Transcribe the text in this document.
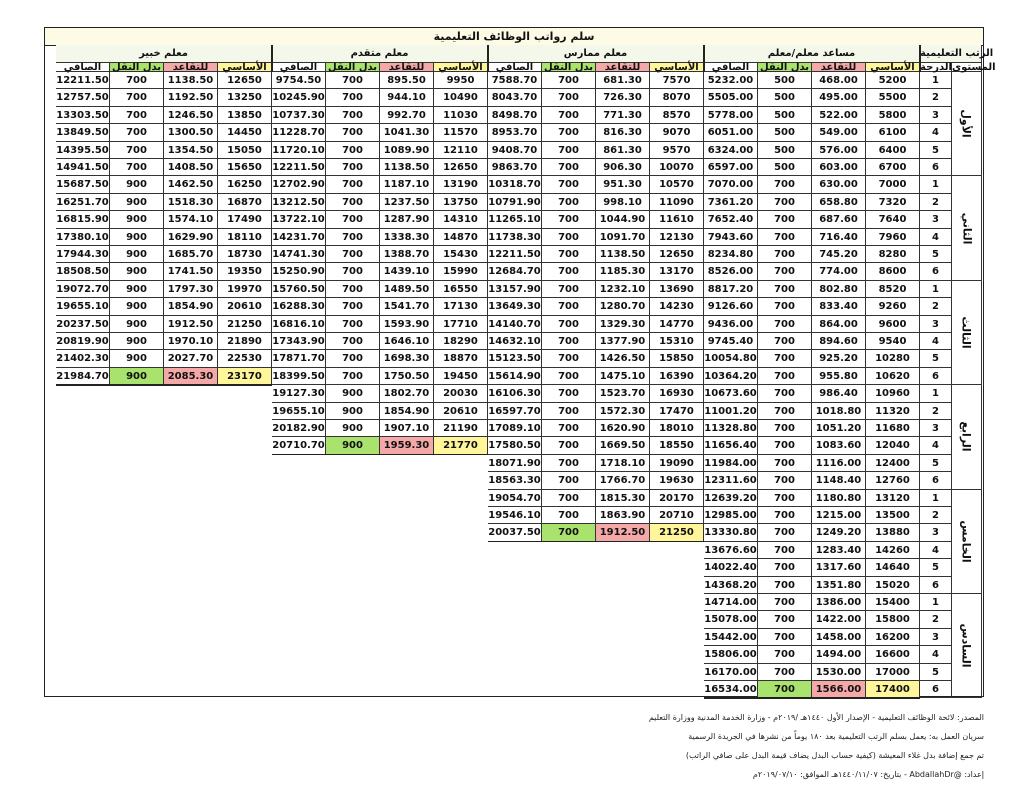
سلم رواتب الوظائف التعليمية
الرتب التعليمية
المستوى
الدرجة
مساعد معلم/معلم
الأساسي
للتقاعد
بدل النقل
الصافي
معلم ممارس
الأساسي
للتقاعد
بدل النقل
الصافي
معلم متقدم
الأساسي
للتقاعد
بدل النقل
الصافي
معلم خبير
الأساسي
للتقاعد
بدل النقل
الصافي
الأول
1
2
3
4
5
6
الثاني
1
2
3
4
5
6
الثالث
1
2
3
4
5
6
الرابع
1
2
3
4
5
6
الخامس
1
2
3
4
5
6
السادس
1
2
3
4
5
6
5200
468.00
500
5232.00
5500
495.00
500
5505.00
5800
522.00
500
5778.00
6100
549.00
500
6051.00
6400
576.00
500
6324.00
6700
603.00
500
6597.00
7000
630.00
700
7070.00
7320
658.80
700
7361.20
7640
687.60
700
7652.40
7960
716.40
700
7943.60
8280
745.20
700
8234.80
8600
774.00
700
8526.00
8520
802.80
700
8817.20
9260
833.40
700
9126.60
9600
864.00
700
9436.00
9540
894.60
700
9745.40
10280
925.20
700
10054.80
10620
955.80
700
10364.20
10960
986.40
700
10673.60
11320
1018.80
700
11001.20
11680
1051.20
700
11328.80
12040
1083.60
700
11656.40
12400
1116.00
700
11984.00
12760
1148.40
700
12311.60
13120
1180.80
700
12639.20
13500
1215.00
700
12985.00
13880
1249.20
700
13330.80
14260
1283.40
700
13676.60
14640
1317.60
700
14022.40
15020
1351.80
700
14368.20
15400
1386.00
700
14714.00
15800
1422.00
700
15078.00
16200
1458.00
700
15442.00
16600
1494.00
700
15806.00
17000
1530.00
700
16170.00
17400
1566.00
700
16534.00
7570
681.30
700
7588.70
8070
726.30
700
8043.70
8570
771.30
700
8498.70
9070
816.30
700
8953.70
9570
861.30
700
9408.70
10070
906.30
700
9863.70
10570
951.30
700
10318.70
11090
998.10
700
10791.90
11610
1044.90
700
11265.10
12130
1091.70
700
11738.30
12650
1138.50
700
12211.50
13170
1185.30
700
12684.70
13690
1232.10
700
13157.90
14230
1280.70
700
13649.30
14770
1329.30
700
14140.70
15310
1377.90
700
14632.10
15850
1426.50
700
15123.50
16390
1475.10
700
15614.90
16930
1523.70
700
16106.30
17470
1572.30
700
16597.70
18010
1620.90
700
17089.10
18550
1669.50
700
17580.50
19090
1718.10
700
18071.90
19630
1766.70
700
18563.30
20170
1815.30
700
19054.70
20710
1863.90
700
19546.10
21250
1912.50
700
20037.50
9950
895.50
700
9754.50
10490
944.10
700
10245.90
11030
992.70
700
10737.30
11570
1041.30
700
11228.70
12110
1089.90
700
11720.10
12650
1138.50
700
12211.50
13190
1187.10
700
12702.90
13750
1237.50
700
13212.50
14310
1287.90
700
13722.10
14870
1338.30
700
14231.70
15430
1388.70
700
14741.30
15990
1439.10
700
15250.90
16550
1489.50
700
15760.50
17130
1541.70
700
16288.30
17710
1593.90
700
16816.10
18290
1646.10
700
17343.90
18870
1698.30
700
17871.70
19450
1750.50
700
18399.50
20030
1802.70
900
19127.30
20610
1854.90
900
19655.10
21190
1907.10
900
20182.90
21770
1959.30
900
20710.70
12650
1138.50
700
12211.50
13250
1192.50
700
12757.50
13850
1246.50
700
13303.50
14450
1300.50
700
13849.50
15050
1354.50
700
14395.50
15650
1408.50
700
14941.50
16250
1462.50
900
15687.50
16870
1518.30
900
16251.70
17490
1574.10
900
16815.90
18110
1629.90
900
17380.10
18730
1685.70
900
17944.30
19350
1741.50
900
18508.50
19970
1797.30
900
19072.70
20610
1854.90
900
19655.10
21250
1912.50
900
20237.50
21890
1970.10
900
20819.90
22530
2027.70
900
21402.30
23170
2085.30
900
21984.70
المصدر: لائحة الوظائف التعليمية - الإصدار الأول ١٤٤٠هـ /٢٠١٩م - وزارة الخدمة المدنية ووزارة التعليم
سريان العمل به: يعمل بسلم الرتب التعليمية بعد ١٨٠ يوماً من نشرها في الجريدة الرسمية
تم جمع إضافة بدل غلاء المعيشة (كيفية حساب البدل يضاف قيمة البدل على صافي الراتب)
إعداد: @AbdallahDr - بتاريخ: ١٤٤٠/١١/٠٧هـ الموافق: ٢٠١٩/٠٧/١٠م
